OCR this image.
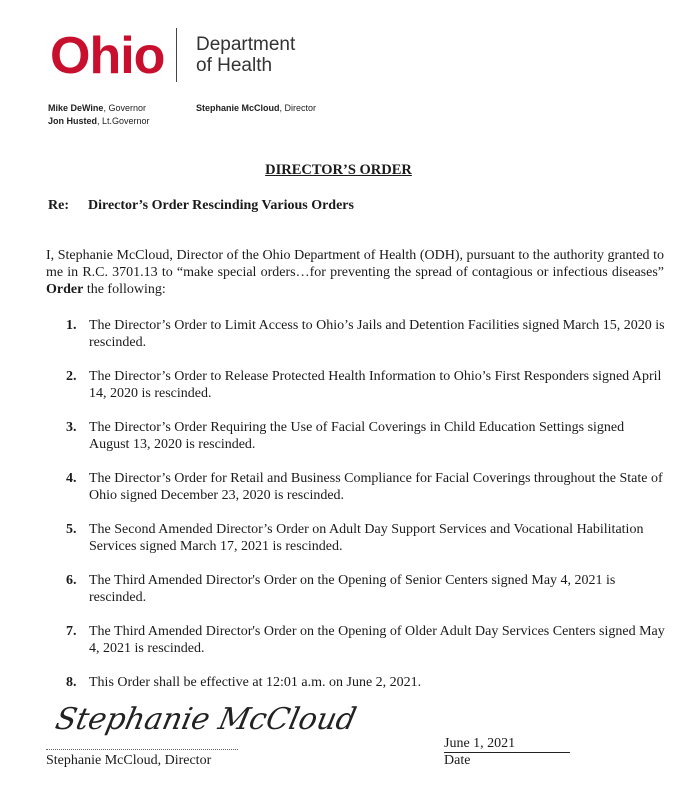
Ohio Department
of Health
Mike DeWine, Governor
Jon Husted, Lt.Governor
Stephanie McCloud, Director
DIRECTOR’S ORDER
Re: Director’s Order Rescinding Various Orders
I, Stephanie McCloud, Director of the Ohio Department of Health (ODH), pursuant to the authority granted to me in R.C. 3701.13 to “make special orders…for preventing the spread of contagious or infectious diseases” Order the following:
1. The Director’s Order to Limit Access to Ohio’s Jails and Detention Facilities signed March 15, 2020 is rescinded.
2. The Director’s Order to Release Protected Health Information to Ohio’s First Responders signed April 14, 2020 is rescinded.
3. The Director’s Order Requiring the Use of Facial Coverings in Child Education Settings signed August 13, 2020 is rescinded.
4. The Director’s Order for Retail and Business Compliance for Facial Coverings throughout the State of Ohio signed December 23, 2020 is rescinded.
5. The Second Amended Director’s Order on Adult Day Support Services and Vocational Habilitation Services signed March 17, 2021 is rescinded.
6. The Third Amended Director's Order on the Opening of Senior Centers signed May 4, 2021 is rescinded.
7. The Third Amended Director's Order on the Opening of Older Adult Day Services Centers signed May 4, 2021 is rescinded.
8. This Order shall be effective at 12:01 a.m. on June 2, 2021.
Stephanie McCloud
Stephanie McCloud, Director
June 1, 2021
Date
